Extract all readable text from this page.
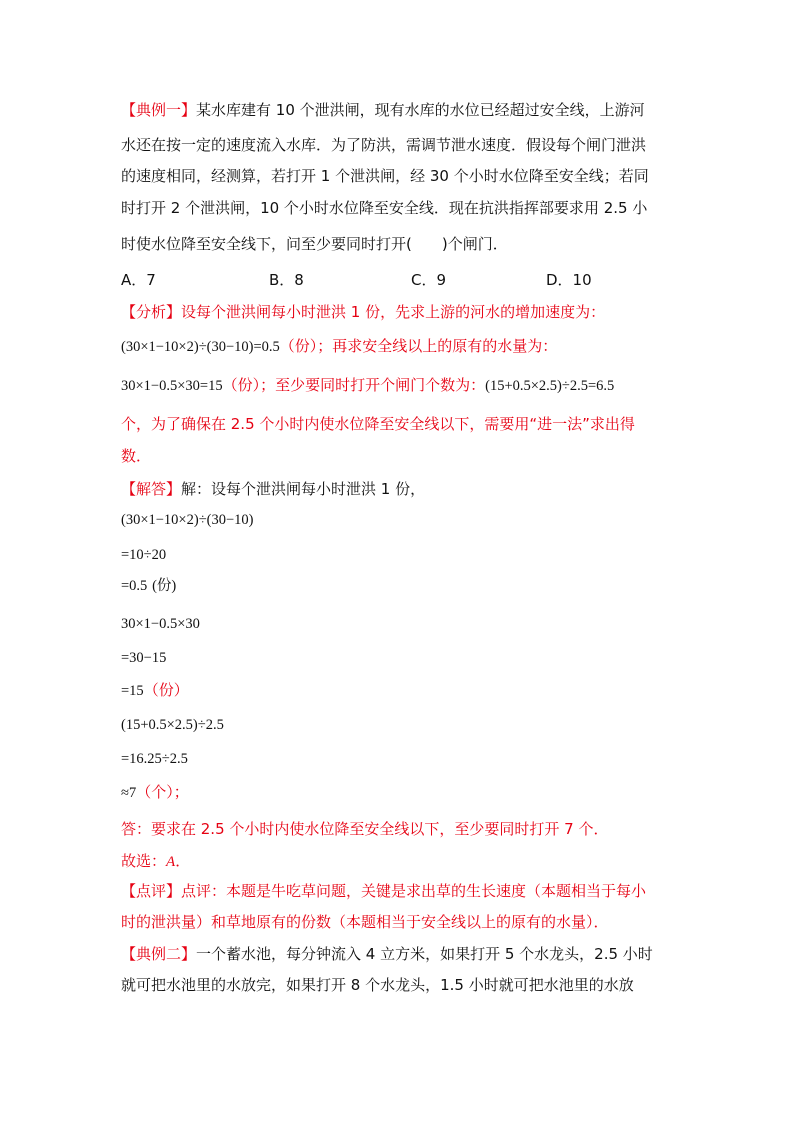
【典例一】某水库建有 10 个泄洪闸，现有水库的水位已经超过安全线，上游河
水还在按一定的速度流入水库．为了防洪，需调节泄水速度．假设每个闸门泄洪
的速度相同，经测算，若打开 1 个泄洪闸，经 30 个小时水位降至安全线；若同
时打开 2 个泄洪闸，10 个小时水位降至安全线．现在抗洪指挥部要求用 2.5 小
时使水位降至安全线下，问至少要同时打开(　　)个闸门．
A．7	B．8	C．9	D．10
【分析】设每个泄洪闸每小时泄洪 1 份，先求上游的河水的增加速度为：
(30×1−10×2)÷(30−10)=0.5（份）；再求安全线以上的原有的水量为：
30×1−0.5×30=15（份）；至少要同时打开个闸门个数为：(15+0.5×2.5)÷2.5=6.5
个，为了确保在 2.5 个小时内使水位降至安全线以下，需要用“进一法”求出得
数．
【解答】解：设每个泄洪闸每小时泄洪 1 份，
(30×1−10×2)÷(30−10)
=10÷20
=0.5 (份)
30×1−0.5×30
=30−15
=15（份）
(15+0.5×2.5)÷2.5
=16.25÷2.5
≈7（个）；
答：要求在 2.5 个小时内使水位降至安全线以下，至少要同时打开 7 个．
故选：A．
【点评】点评：本题是牛吃草问题，关键是求出草的生长速度（本题相当于每小
时的泄洪量）和草地原有的份数（本题相当于安全线以上的原有的水量）．
【典例二】一个蓄水池，每分钟流入 4 立方米，如果打开 5 个水龙头，2.5 小时
就可把水池里的水放完，如果打开 8 个水龙头，1.5 小时就可把水池里的水放
